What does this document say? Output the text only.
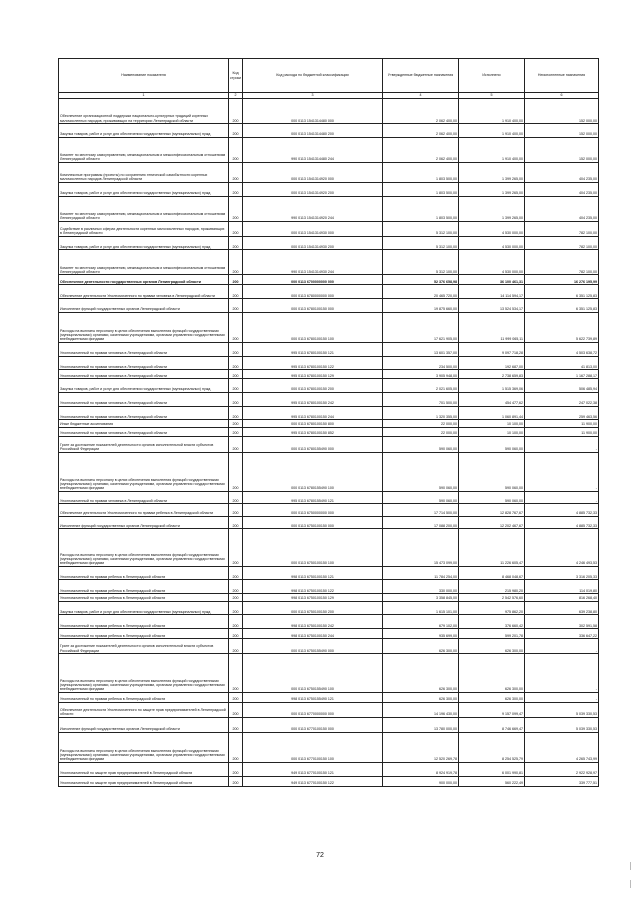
Наименование показателя	Код строки	Код расхода по бюджетной классификации	Утвержденные бюджетные назначения	Исполнено	Неисполненные назначения
1	2	3	4	5	6
Обеспечение организационной поддержки национально-культурных традиций коренных малочисленных народов, проживающих на территории Ленинградской области	200	000 0113 1541314480 000	2 062 400,00	1 910 400,00	152 000,00
Закупка товаров, работ и услуг для обеспечения государственных (муниципальных) нужд	200	000 0113 1541314480 200	2 062 400,00	1 910 400,00	152 000,00
Комитет по местному самоуправлению, межнациональным и межконфессиональным отношениям Ленинградской области	200	990 0113 1541314480 244	2 062 400,00	1 910 400,00	152 000,00
Комплексные программы (проекты) по сохранению этнической самобытности коренных малочисленных народов Ленинградской области	200	000 0113 1541314920 000	1 803 500,00	1 399 265,00	404 235,00
Закупка товаров, работ и услуг для обеспечения государственных (муниципальных) нужд	200	000 0113 1541314920 200	1 803 500,00	1 399 265,00	404 235,00
Комитет по местному самоуправлению, межнациональным и межконфессиональным отношениям Ленинградской области	200	990 0113 1541314920 244	1 803 500,00	1 399 265,00	404 235,00
Содействие в различных сферах деятельности коренных малочисленных народов, проживающих в Ленинградской области	200	000 0113 1541314930 000	5 312 100,00	4 530 000,00	782 100,00
Закупка товаров, работ и услуг для обеспечения государственных (муниципальных) нужд	200	000 0113 1541314930 200	5 312 100,00	4 530 000,00	782 100,00
Комитет по местному самоуправлению, межнациональным и межконфессиональным отношениям Ленинградской области	200	990 0113 1541314930 244	5 312 100,00	4 530 000,00	782 100,00
Обеспечение деятельности государственных органов Ленинградской области	200	000 0113 6700000000 000	52 376 658,98	36 100 461,31	16 276 195,99
Обеспечение деятельности Уполномоченного по правам человека в Ленинградской области	200	000 0113 6780000000 000	20 465 720,00	14 114 594,17	6 351 125,83
Исполнение функций государственных органов Ленинградской области	200	000 0113 6780100150 000	19 875 660,00	13 524 534,17	6 351 125,83
Расходы на выплаты персоналу в целях обеспечения выполнения функций государственными (муниципальными) органами, казенными учреждениями, органами управления государственными внебюджетными фондами	200	000 0113 6780100150 100	17 621 905,00	11 999 065,11	5 622 739,89
Уполномоченный по правам человека в Ленинградской области	200	995 0113 6780100150 121	13 601 357,00	9 097 718,28	4 503 638,72
Уполномоченный по правам человека в Ленинградской области	200	995 0113 6780100150 122	234 500,00	192 687,00	41 813,00
Уполномоченный по правам человека в Ленинградской области	200	995 0113 6780100150 129	3 905 948,00	2 738 659,83	1 167 288,17
Закупка товаров, работ и услуг для обеспечения государственных (муниципальных) нужд	200	000 0113 6780100150 200	2 021 605,00	1 515 369,06	506 485,94
Уполномоченный по правам человека в Ленинградской области	200	995 0113 6780100150 242	701 500,00	454 477,62	247 022,38
Уполномоченный по правам человека в Ленинградской области	200	995 0113 6780100150 244	1 320 355,00	1 060 891,44	259 463,56
Иные бюджетные ассигнования	200	000 0113 6780100150 800	22 000,00	10 100,00	11 900,00
Уполномоченный по правам человека в Ленинградской области	200	995 0113 6780100150 852	22 000,00	10 100,00	11 900,00
Грант за достижение показателей деятельности органов исполнительной власти субъектов Российской Федерации	200	000 0113 6780155490 000	590 060,00	590 060,00	-
Расходы на выплаты персоналу в целях обеспечения выполнения функций государственными (муниципальными) органами, казенными учреждениями, органами управления государственными внебюджетными фондами	200	000 0113 6780155490 100	590 060,00	590 060,00	-
Уполномоченный по правам человека в Ленинградской области	200	995 0113 6780155490 121	590 060,00	590 060,00	-
Обеспечение деятельности Уполномоченного по правам ребенка в Ленинградской области	200	000 0113 6750000000 000	17 714 500,00	12 828 767,67	4 885 732,33
Исполнение функций государственных органов Ленинградской области	200	000 0113 6750100150 000	17 088 200,00	12 202 467,67	4 885 732,33
Расходы на выплаты персоналу в целях обеспечения выполнения функций государственными (муниципальными) органами, казенными учреждениями, органами управления государственными внебюджетными фондами	200	000 0113 6750100150 100	15 473 099,00	11 226 605,47	4 246 493,53
Уполномоченный по правам ребенка в Ленинградской области	200	998 0113 6750100150 121	11 784 254,00	8 468 048,67	3 316 205,33
Уполномоченный по правам ребенка в Ленинградской области	200	998 0113 6750100150 122	330 000,00	215 980,20	114 019,80
Уполномоченный по правам ребенка в Ленинградской области	200	998 0113 6750100150 129	3 358 845,00	2 542 576,60	816 268,40
Закупка товаров, работ и услуг для обеспечения государственных (муниципальных) нужд	200	000 0113 6750100150 200	1 615 101,00	975 862,20	639 238,80
Уполномоченный по правам ребенка в Ленинградской области	200	998 0113 6750100150 242	679 102,00	376 660,42	302 591,58
Уполномоченный по правам ребенка в Ленинградской области	200	998 0113 6750100150 244	935 699,00	599 201,78	336 647,22
Грант за достижение показателей деятельности органов исполнительной власти субъектов Российской Федерации	200	000 0113 6750155490 000	626 300,00	626 300,00	-
Расходы на выплаты персоналу в целях обеспечения выполнения функций государственными (муниципальными) органами, казенными учреждениями, органами управления государственными внебюджетными фондами	200	000 0113 6750155490 100	626 300,00	626 300,00	-
Уполномоченный по правам ребенка в Ленинградской области	200	998 0113 6750155490 121	626 300,00	626 300,00	-
Обеспечение деятельности Уполномоченного по защите прав предпринимателей в Ленинградской области	200	000 0113 6770000000 000	14 196 430,00	9 157 099,47	5 039 330,53
Исполнение функций государственных органов Ленинградской области	200	000 0113 6770100150 000	13 780 000,00	8 746 669,47	5 039 330,53
Расходы на выплаты персоналу в целях обеспечения выполнения функций государственными (муниципальными) органами, казенными учреждениями, органами управления государственными внебюджетными фондами	200	000 0113 6770100150 100	12 520 269,78	8 254 525,79	4 265 743,99
Уполномоченный по защите прав предпринимателей в Ленинградской области	200	949 0113 6770100150 121	8 924 919,78	6 001 990,81	2 922 928,97
Уполномоченный по защите прав предпринимателей в Ленинградской области	200	949 0113 6770100150 122	900 000,00	560 222,49	339 777,51
72
